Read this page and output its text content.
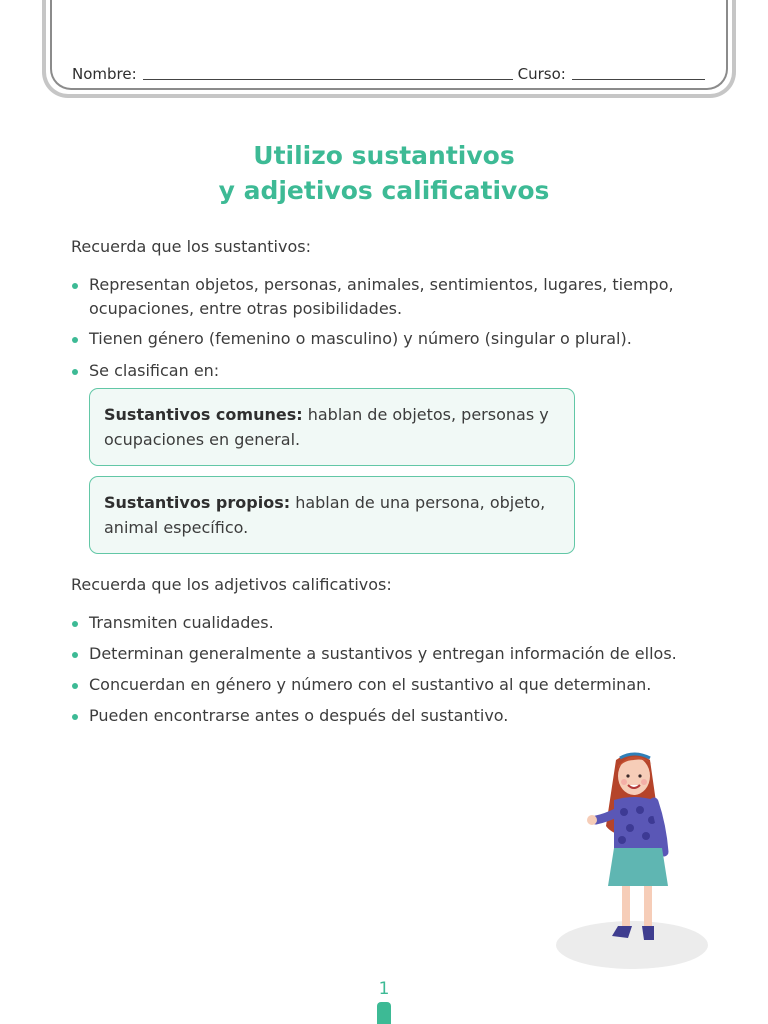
Nombre:	Curso:
Utilizo sustantivos
y adjetivos calificativos
Recuerda que los sustantivos:
Representan objetos, personas, animales, sentimientos, lugares, tiempo, ocupaciones, entre otras posibilidades.
Tienen género (femenino o masculino) y número (singular o plural).
Se clasifican en:
Sustantivos comunes: hablan de objetos, personas y ocupaciones en general.
Sustantivos propios: hablan de una persona, objeto, animal específico.
Recuerda que los adjetivos calificativos:
Transmiten cualidades.
Determinan generalmente a sustantivos y entregan información de ellos.
Concuerdan en género y número con el sustantivo al que determinan.
Pueden encontrarse antes o después del sustantivo.
1
